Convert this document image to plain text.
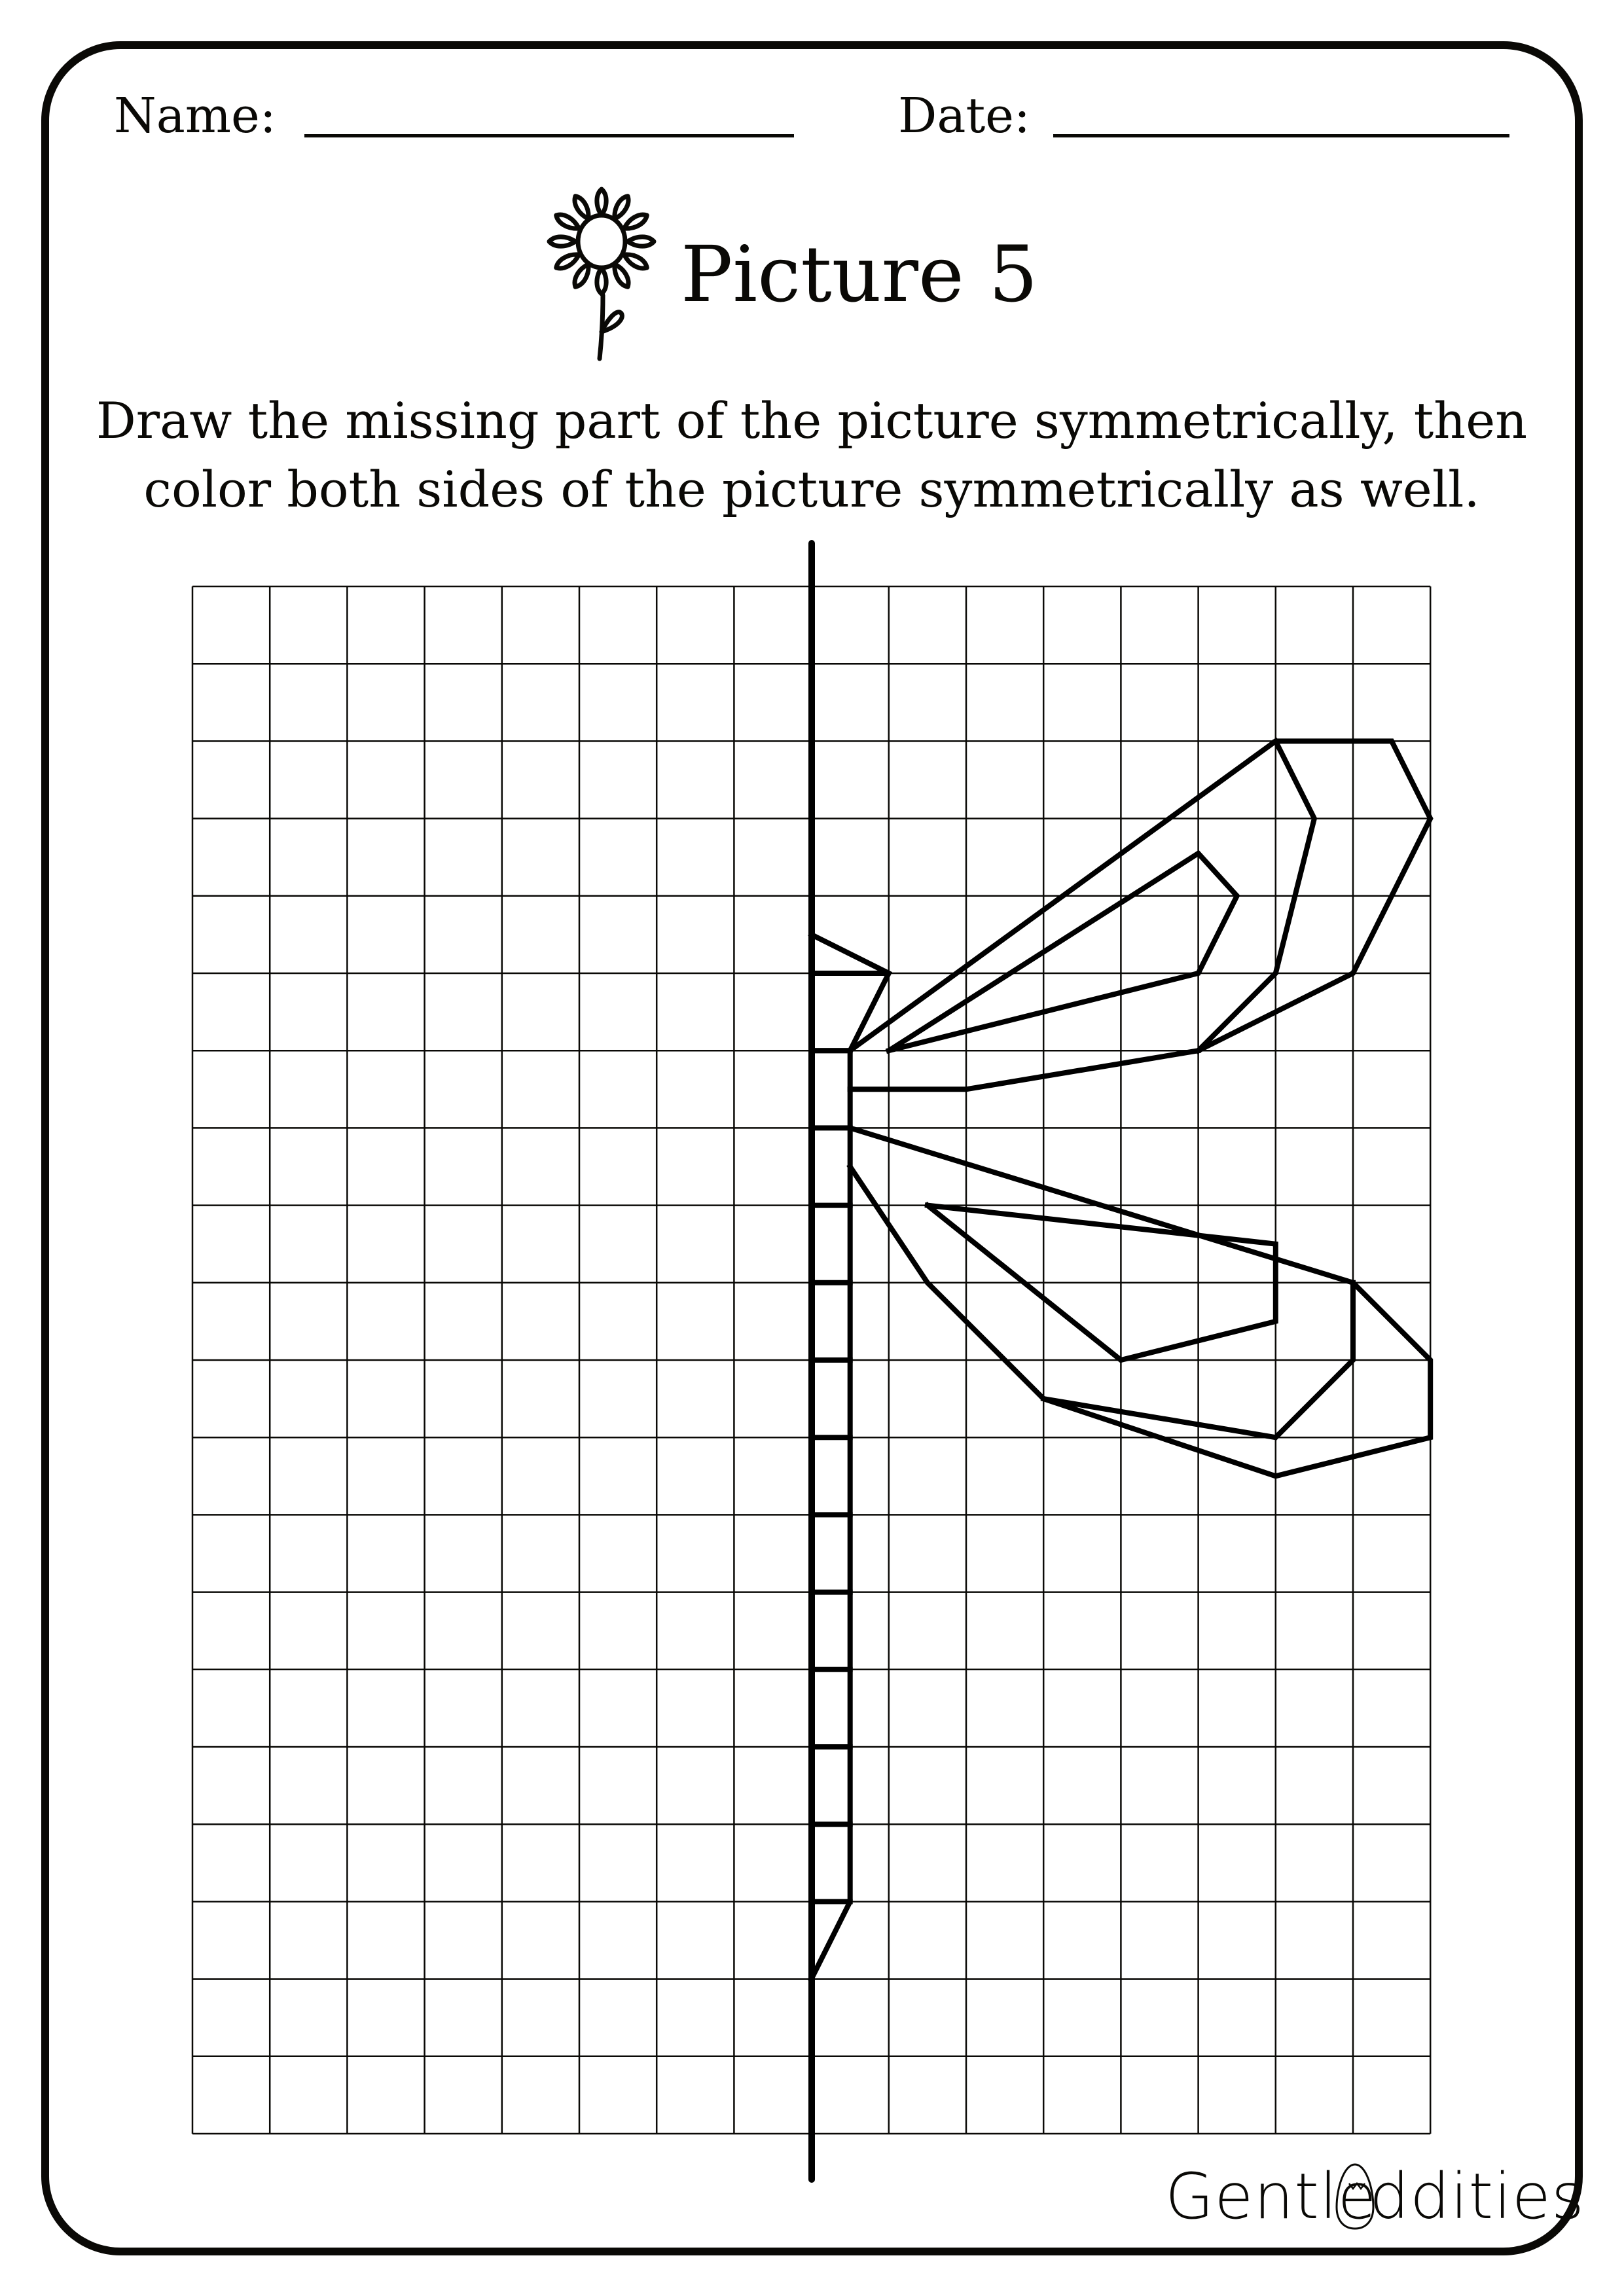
Name:	Date:
Picture 5
Draw the missing part of the picture symmetrically, then
color both sides of the picture symmetrically as well.
Gentle
ddities
